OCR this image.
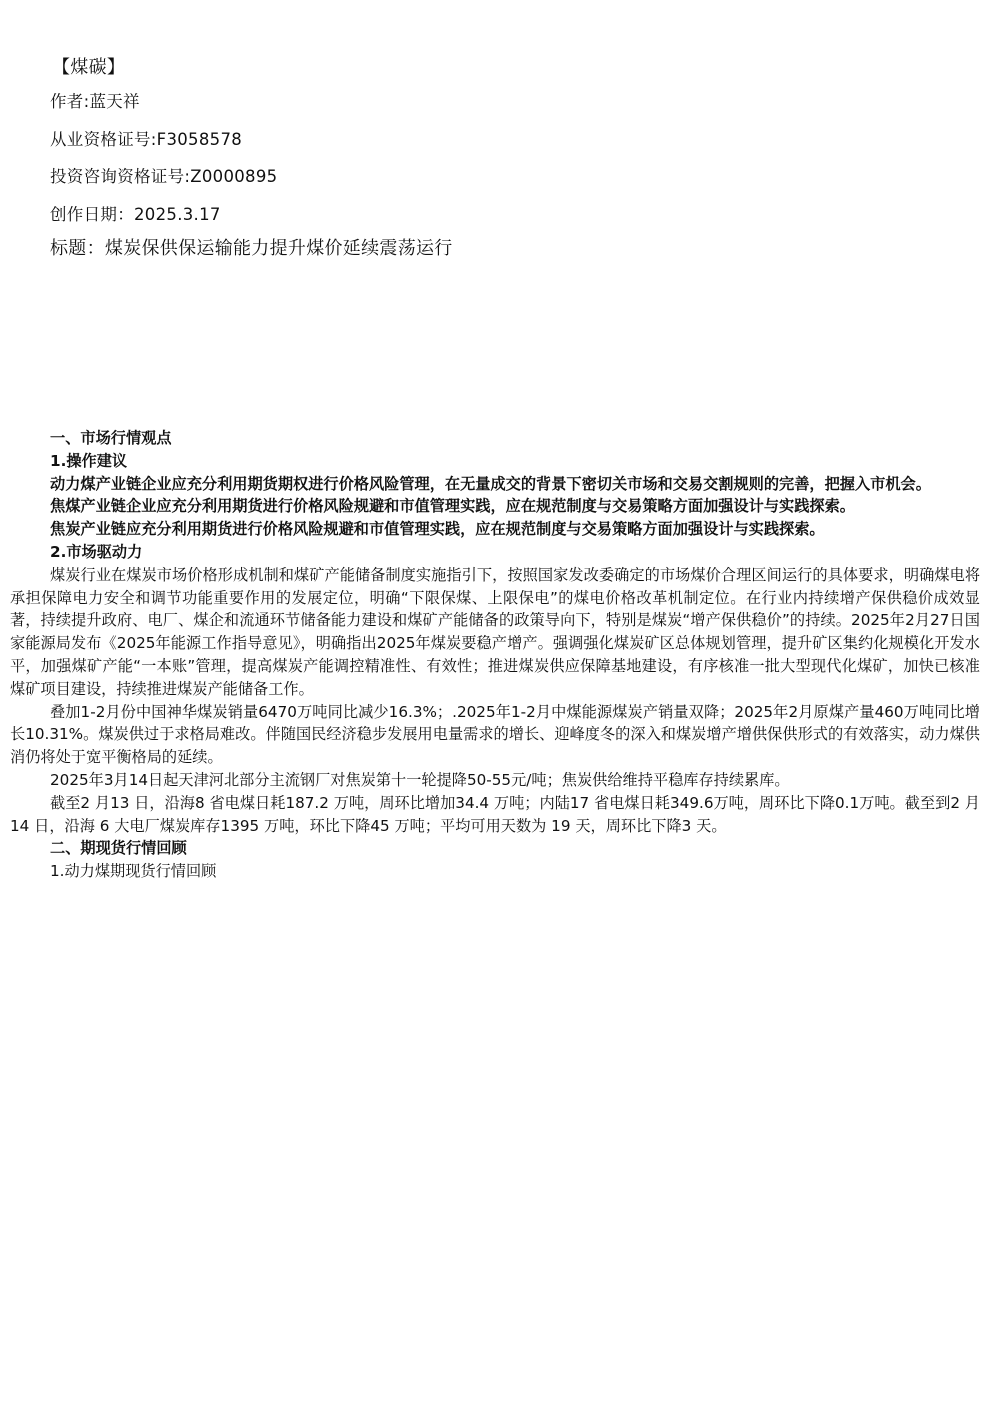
【煤碳】

作者:蓝天祥

从业资格证号:F3058578

投资咨询资格证号:Z0000895

创作日期：2025.3.17

标题：煤炭保供保运输能力提升煤价延续震荡运行

一、市场行情观点

1.操作建议

动力煤产业链企业应充分利用期货期权进行价格风险管理，在无量成交的背景下密切关市场和交易交割规则的完善，把握入市机会。

焦煤产业链企业应充分利用期货进行价格风险规避和市值管理实践，应在规范制度与交易策略方面加强设计与实践探索。

焦炭产业链应充分利用期货进行价格风险规避和市值管理实践，应在规范制度与交易策略方面加强设计与实践探索。

2.市场驱动力

煤炭行业在煤炭市场价格形成机制和煤矿产能储备制度实施指引下，按照国家发改委确定的市场煤价合理区间运行的具体要求，明确煤电将承担保障电力安全和调节功能重要作用的发展定位，明确“下限保煤、上限保电”的煤电价格改革机制定位。在行业内持续增产保供稳价成效显著，持续提升政府、电厂、煤企和流通环节储备能力建设和煤矿产能储备的政策导向下，特别是煤炭“增产保供稳价”的持续。2025年2月27日国家能源局发布《2025年能源工作指导意见》，明确指出2025年煤炭要稳产增产。强调强化煤炭矿区总体规划管理，提升矿区集约化规模化开发水平，加强煤矿产能“一本账”管理，提高煤炭产能调控精准性、有效性；推进煤炭供应保障基地建设，有序核准一批大型现代化煤矿，加快已核准煤矿项目建设，持续推进煤炭产能储备工作。

叠加1-2月份中国神华煤炭销量6470万吨同比减少16.3%；.2025年1-2月中煤能源煤炭产销量双降；2025年2月原煤产量460万吨同比增长10.31%。煤炭供过于求格局难改。伴随国民经济稳步发展用电量需求的增长、迎峰度冬的深入和煤炭增产增供保供形式的有效落实，动力煤供消仍将处于宽平衡格局的延续。

2025年3月14日起天津河北部分主流钢厂对焦炭第十一轮提降50-55元/吨；焦炭供给维持平稳库存持续累库。

截至2 月13 日，沿海8 省电煤日耗187.2 万吨，周环比增加34.4 万吨；内陆17 省电煤日耗349.6万吨，周环比下降0.1万吨。截至到2 月14 日，沿海 6 大电厂煤炭库存1395 万吨，环比下降45 万吨；平均可用天数为 19 天，周环比下降3 天。

二、期现货行情回顾

1.动力煤期现货行情回顾
